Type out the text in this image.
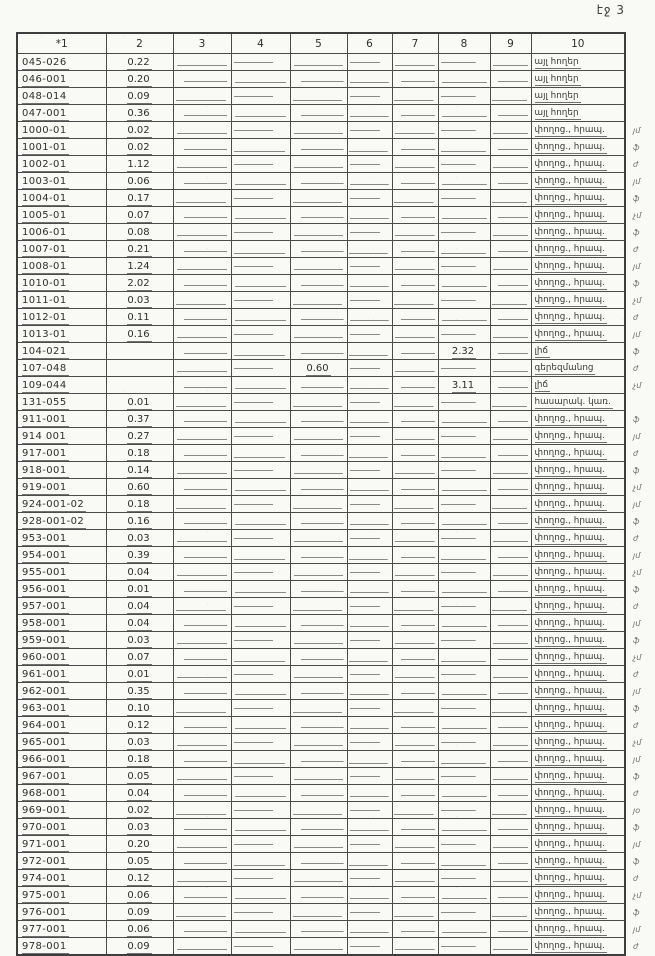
էջ 3
*1	2	3	4	5	6	7	8	9	10	
045-026	0.22								այլ հողեր	
046-001	0.20								այլ հողեր	
048-014	0.09								այլ հողեր	
047-001	0.36								այլ հողեր	
1000-01	0.02								փողոց., հրապ.	յմ
1001-01	0.02								փողոց., հրապ.	ֆ
1002-01	1.12								փողոց., հրապ.	ժ
1003-01	0.06								փողոց., հրապ.	յմ
1004-01	0.17								փողոց., հրապ.	ֆ
1005-01	0.07								փողոց., հրապ.	չմ
1006-01	0.08								փողոց., հրապ.	ֆ
1007-01	0.21								փողոց., հրապ.	ժ
1008-01	1.24								փողոց., հրապ.	յմ
1010-01	2.02								փողոց., հրապ.	ֆ
1011-01	0.03								փողոց., հրապ.	չմ
1012-01	0.11								փողոց., հրապ.	ժ
1013-01	0.16								փողոց., հրապ.	յմ
104-021							2.32		լիճ	ֆ
107-048				0.60					գերեզմանոց	ժ
109-044							3.11		լիճ	չմ
131-055	0.01								հասարակ. կառ.	
911-001	0.37								փողոց., հրապ.	ֆ
914 001	0.27								փողոց., հրապ.	յմ
917-001	0.18								փողոց., հրապ.	ժ
918-001	0.14								փողոց., հրապ.	ֆ
919-001	0.60								փողոց., հրապ.	չմ
924-001-02	0.18								փողոց., հրապ.	յմ
928-001-02	0.16								փողոց., հրապ.	ֆ
953-001	0.03								փողոց., հրապ.	ժ
954-001	0.39								փողոց., հրապ.	յմ
955-001	0.04								փողոց., հրապ.	չմ
956-001	0.01								փողոց., հրապ.	ֆ
957-001	0.04								փողոց., հրապ.	ժ
958-001	0.04								փողոց., հրապ.	յմ
959-001	0.03								փողոց., հրապ.	ֆ
960-001	0.07								փողոց., հրապ.	չմ
961-001	0.01								փողոց., հրապ.	ժ
962-001	0.35								փողոց., հրապ.	յմ
963-001	0.10								փողոց., հրապ.	ֆ
964-001	0.12								փողոց., հրապ.	ժ
965-001	0.03								փողոց., հրապ.	չմ
966-001	0.18								փողոց., հրապ.	յմ
967-001	0.05								փողոց., հրապ.	ֆ
968-001	0.04								փողոց., հրապ.	ժ
969-001	0.02								փողոց., հրապ.	յօ
970-001	0.03								փողոց., հրապ.	ֆ
971-001	0.20								փողոց., հրապ.	յմ
972-001	0.05								փողոց., հրապ.	ֆ
974-001	0.12								փողոց., հրապ.	ժ
975-001	0.06								փողոց., հրապ.	չմ
976-001	0.09								փողոց., հրապ.	ֆ
977-001	0.06								փողոց., հրապ.	յմ
978-001	0.09								փողոց., հրապ.	ժ
